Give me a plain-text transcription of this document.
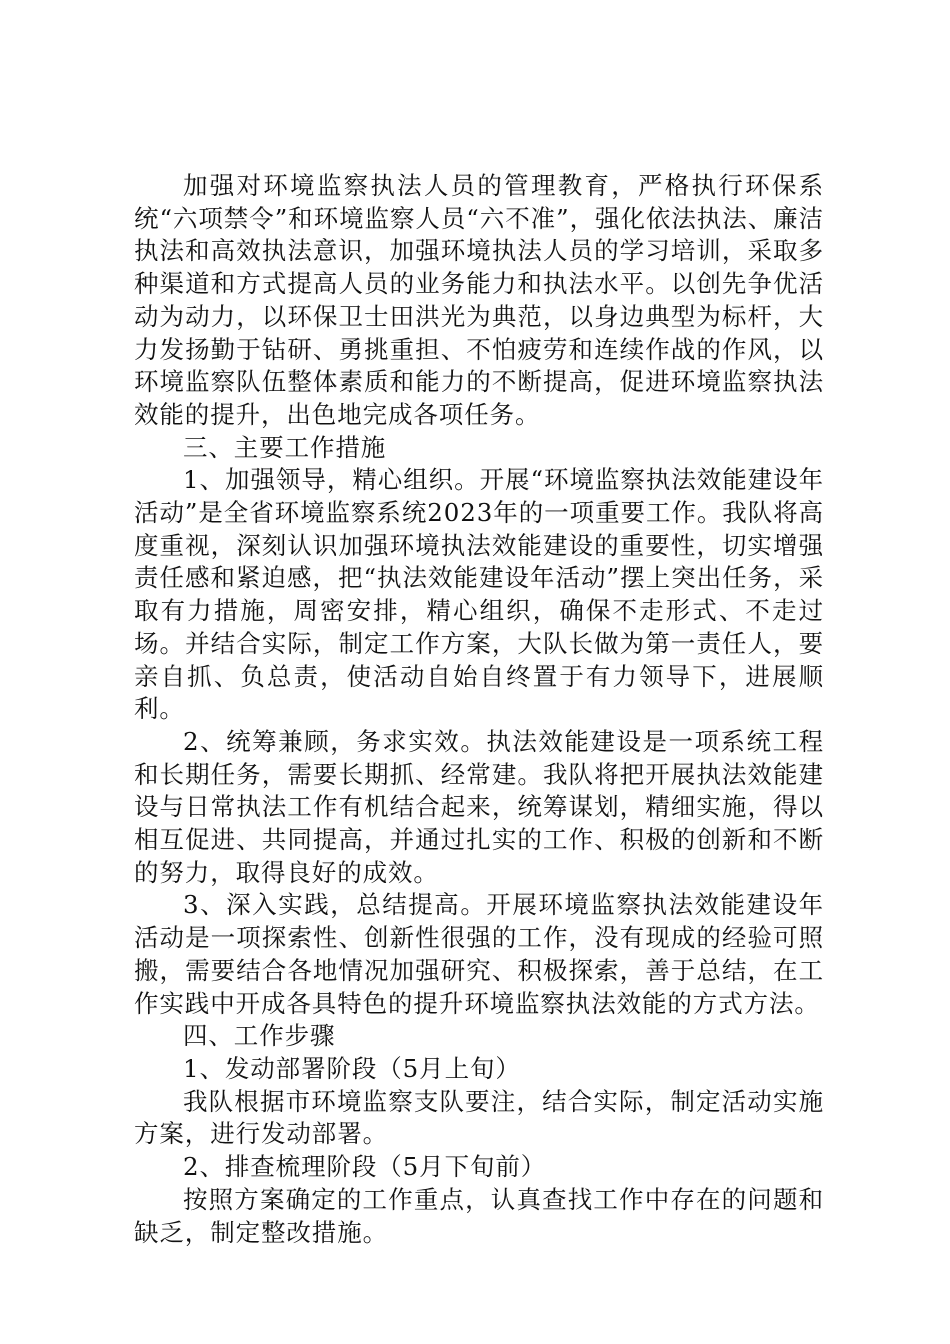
加强对环境监察执法人员的管理教育，严格执行环保系统“六项禁令”和环境监察人员“六不准”，强化依法执法、廉洁执法和高效执法意识，加强环境执法人员的学习培训，采取多种渠道和方式提高人员的业务能力和执法水平。以创先争优活动为动力，以环保卫士田洪光为典范，以身边典型为标杆，大力发扬勤于钻研、勇挑重担、不怕疲劳和连续作战的作风，以环境监察队伍整体素质和能力的不断提高，促进环境监察执法效能的提升，出色地完成各项任务。

三、主要工作措施

1、加强领导，精心组织。开展“环境监察执法效能建设年活动”是全省环境监察系统2023年的一项重要工作。我队将高度重视，深刻认识加强环境执法效能建设的重要性，切实增强责任感和紧迫感，把“执法效能建设年活动”摆上突出任务，采取有力措施，周密安排，精心组织，确保不走形式、不走过场。并结合实际，制定工作方案，大队长做为第一责任人，要亲自抓、负总责，使活动自始自终置于有力领导下，进展顺利。

2、统筹兼顾，务求实效。执法效能建设是一项系统工程和长期任务，需要长期抓、经常建。我队将把开展执法效能建设与日常执法工作有机结合起来，统筹谋划，精细实施，得以相互促进、共同提高，并通过扎实的工作、积极的创新和不断的努力，取得良好的成效。

3、深入实践，总结提高。开展环境监察执法效能建设年活动是一项探索性、创新性很强的工作，没有现成的经验可照搬，需要结合各地情况加强研究、积极探索，善于总结，在工作实践中开成各具特色的提升环境监察执法效能的方式方法。

四、工作步骤

1、发动部署阶段（5月上旬）

我队根据市环境监察支队要注，结合实际，制定活动实施方案，进行发动部署。

2、排查梳理阶段（5月下旬前）

按照方案确定的工作重点，认真查找工作中存在的问题和缺乏，制定整改措施。
